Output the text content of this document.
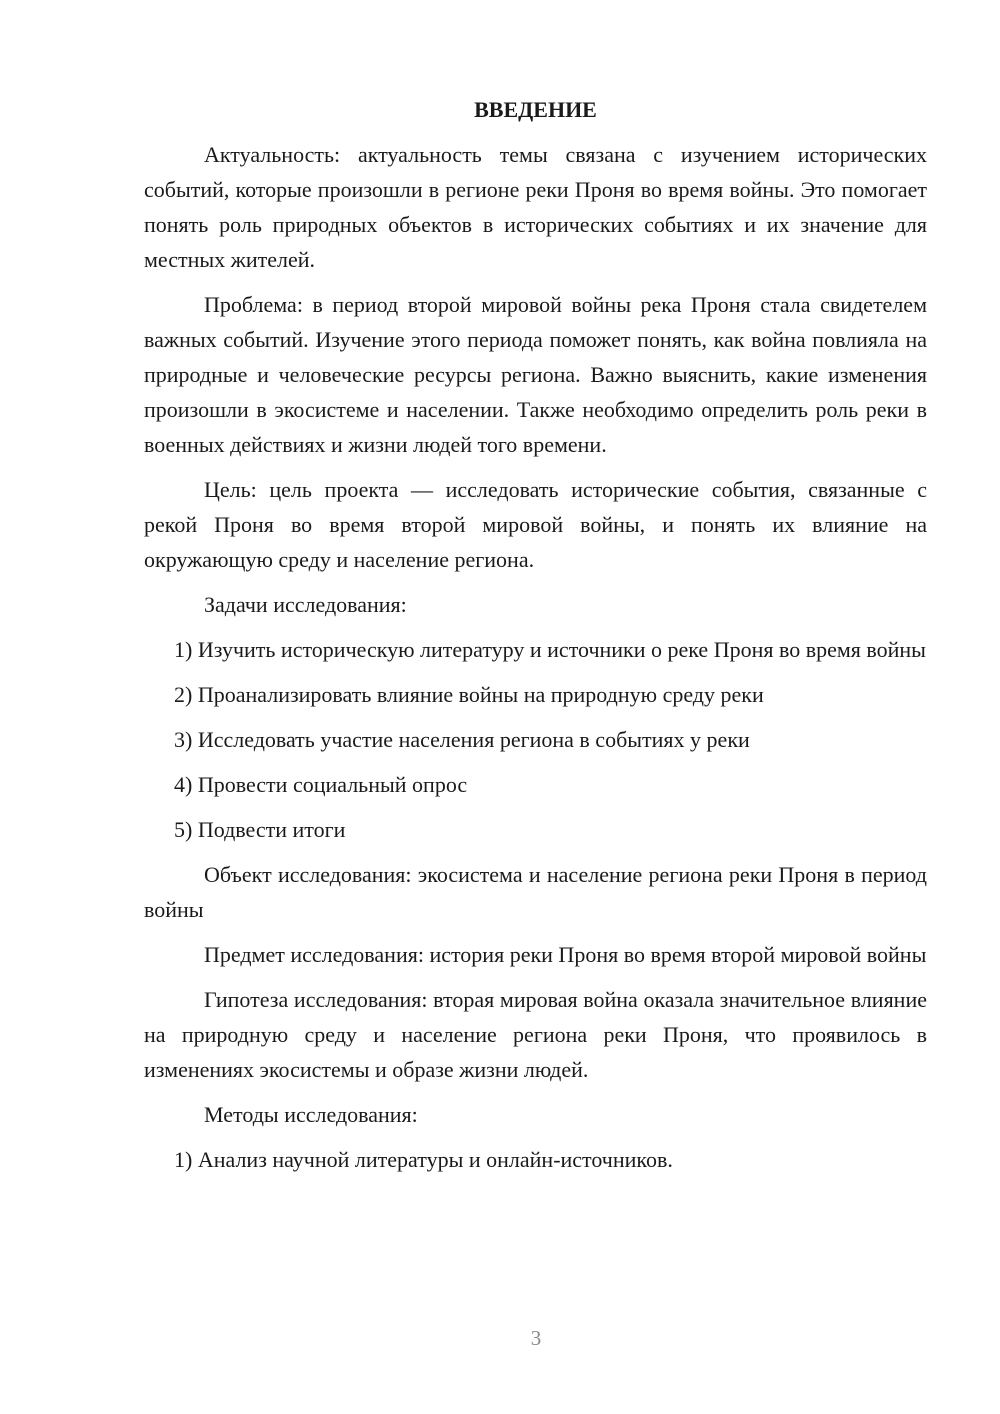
ВВЕДЕНИЕ

Актуальность: актуальность темы связана с изучением исторических событий, которые произошли в регионе реки Проня во время войны. Это помогает понять роль природных объектов в исторических событиях и их значение для местных жителей.

Проблема: в период второй мировой войны река Проня стала свидетелем важных событий. Изучение этого периода поможет понять, как война повлияла на природные и человеческие ресурсы региона. Важно выяснить, какие изменения произошли в экосистеме и населении. Также необходимо определить роль реки в военных действиях и жизни людей того времени.

Цель: цель проекта — исследовать исторические события, связанные с рекой Проня во время второй мировой войны, и понять их влияние на окружающую среду и население региона.

Задачи исследования:

1) Изучить историческую литературу и источники о реке Проня во время войны

2) Проанализировать влияние войны на природную среду реки

3) Исследовать участие населения региона в событиях у реки

4) Провести социальный опрос

5) Подвести итоги

Объект исследования: экосистема и население региона реки Проня в период войны

Предмет исследования: история реки Проня во время второй мировой войны

Гипотеза исследования: вторая мировая война оказала значительное влияние на природную среду и население региона реки Проня, что проявилось в изменениях экосистемы и образе жизни людей.

Методы исследования:

1) Анализ научной литературы и онлайн-источников.

3
